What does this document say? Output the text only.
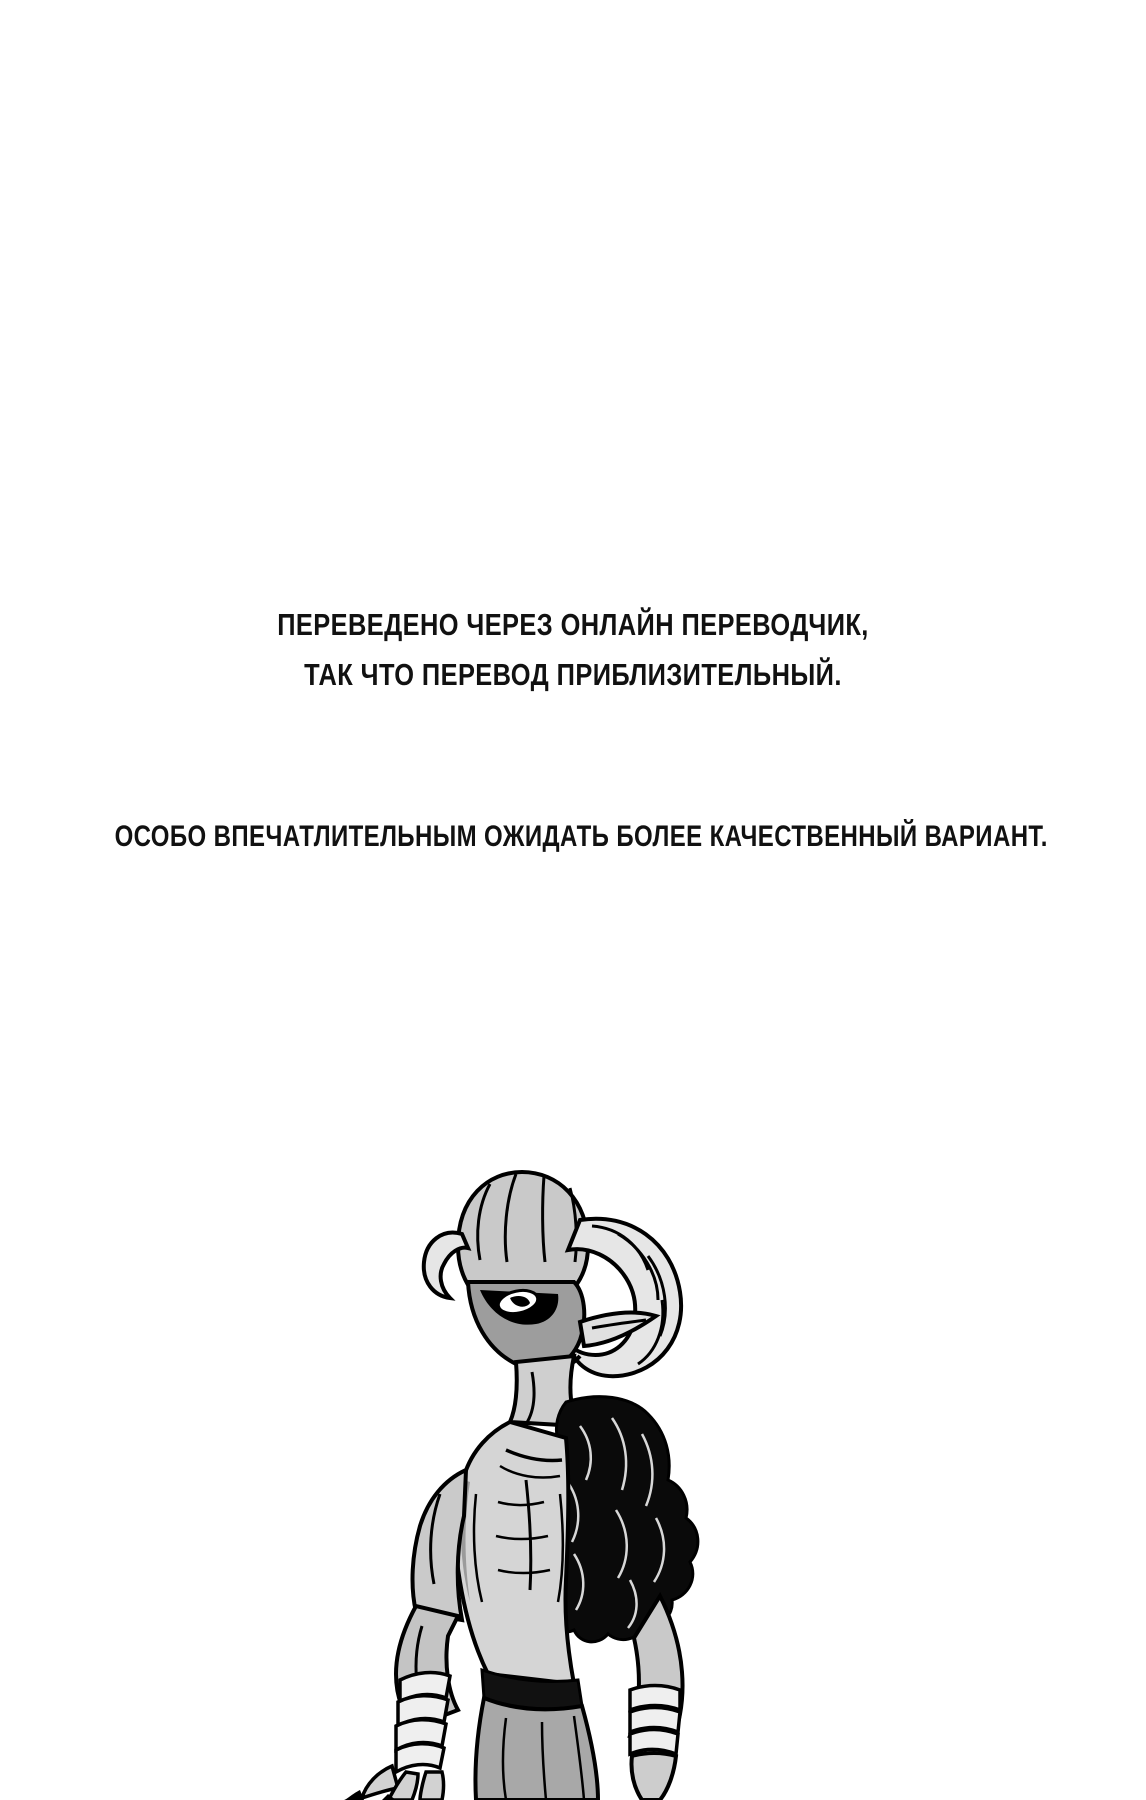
ПЕРЕВЕДЕНО ЧЕРЕЗ ОНЛАЙН ПЕРЕВОДЧИК,
ТАК ЧТО ПЕРЕВОД ПРИБЛИЗИТЕЛЬНЫЙ.
ОСОБО ВПЕЧАТЛИТЕЛЬНЫМ ОЖИДАТЬ БОЛЕЕ КАЧЕСТВЕННЫЙ ВАРИАНТ.
